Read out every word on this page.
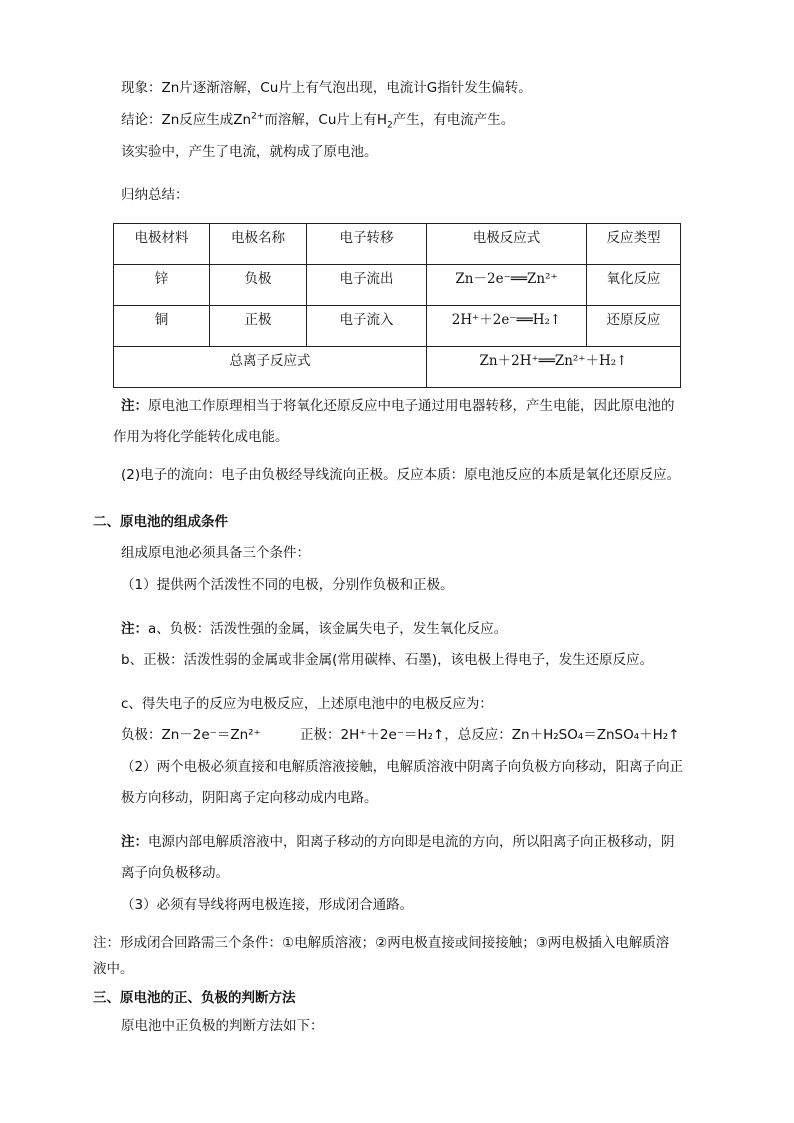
现象：Zn片逐渐溶解，Cu片上有气泡出现，电流计G指针发生偏转。
结论：Zn反应生成$Zn^{2+}$而溶解，Cu片上有$H_2$产生，有电流产生。
该实验中，产生了电流，就构成了原电池。
归纳总结：
电极材料	电极名称	电子转移	电极反应式	反应类型
锌	负极	电子流出	Zn－2e⁻══Zn²⁺	氧化反应
铜	正极	电子流入	2H⁺＋2e⁻══H₂↑	还原反应
总离子反应式			Zn＋2H⁺══Zn²⁺＋H₂↑	
注：原电池工作原理相当于将氧化还原反应中电子通过用电器转移，产生电能，因此原电池的
作用为将化学能转化成电能。
(2)电子的流向：电子由负极经导线流向正极。反应本质：原电池反应的本质是氧化还原反应。
二、原电池的组成条件
组成原电池必须具备三个条件：
（1）提供两个活泼性不同的电极，分别作负极和正极。
注：a、负极：活泼性强的金属，该金属失电子，发生氧化反应。
b、正极：活泼性弱的金属或非金属(常用碳棒、石墨)，该电极上得电子，发生还原反应。
c、得失电子的反应为电极反应，上述原电池中的电极反应为：
负极：Zn－2e⁻＝Zn²⁺	正极：2H⁺＋2e⁻＝H₂↑，总反应：Zn＋H₂SO₄＝ZnSO₄＋H₂↑
（2）两个电极必须直接和电解质溶液接触，电解质溶液中阴离子向负极方向移动，阳离子向正
极方向移动，阴阳离子定向移动成内电路。
注：电源内部电解质溶液中，阳离子移动的方向即是电流的方向，所以阳离子向正极移动，阴
离子向负极移动。
（3）必须有导线将两电极连接，形成闭合通路。
注：形成闭合回路需三个条件：①电解质溶液；②两电极直接或间接接触；③两电极插入电解质溶
液中。
三、原电池的正、负极的判断方法
原电池中正负极的判断方法如下：
